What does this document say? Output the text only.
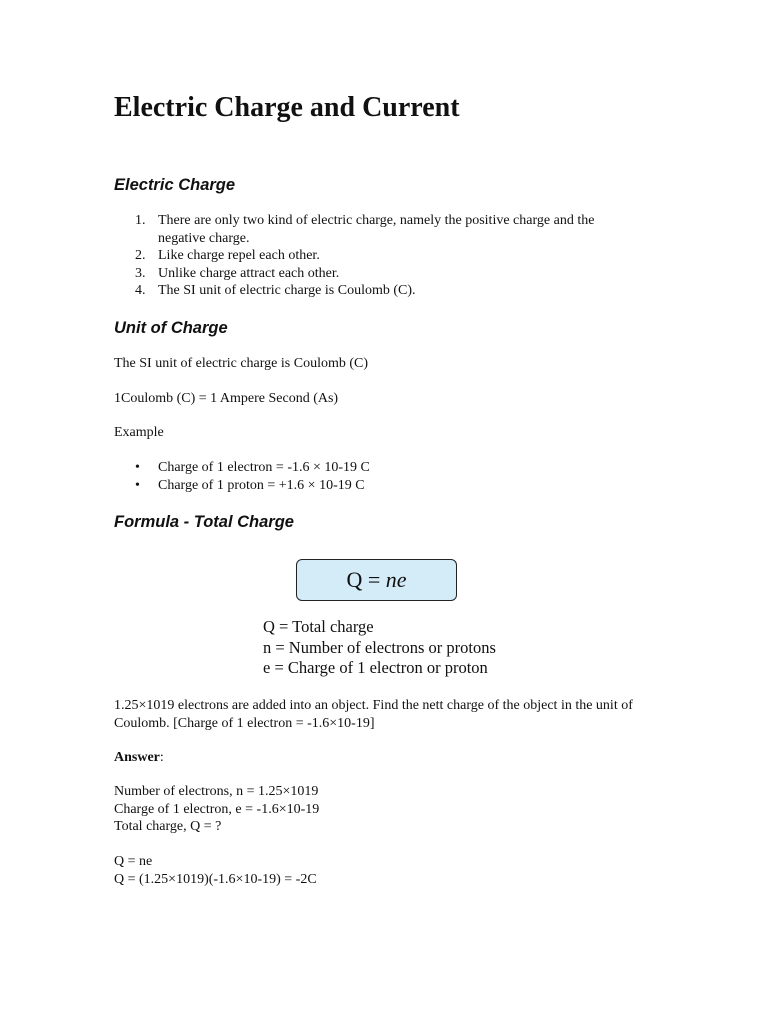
Electric Charge and Current
Electric Charge
1. There are only two kind of electric charge, namely the positive charge and the negative charge.
2. Like charge repel each other.
3. Unlike charge attract each other.
4. The SI unit of electric charge is Coulomb (C).
Unit of Charge

The SI unit of electric charge is Coulomb (C)

1Coulomb (C) = 1 Ampere Second (As)

Example

• Charge of 1 electron = -1.6 × 10-19 C
• Charge of 1 proton = +1.6 × 10-19 C
Formula - Total Charge
Q = ne
Q = Total charge
n = Number of electrons or protons
e = Charge of 1 electron or proton

1.25×1019 electrons are added into an object. Find the nett charge of the object in the unit of Coulomb. [Charge of 1 electron = -1.6×10-19]

Answer:

Number of electrons, n = 1.25×1019
Charge of 1 electron, e = -1.6×10-19
Total charge, Q = ?

Q = ne
Q = (1.25×1019)(-1.6×10-19) = -2C
